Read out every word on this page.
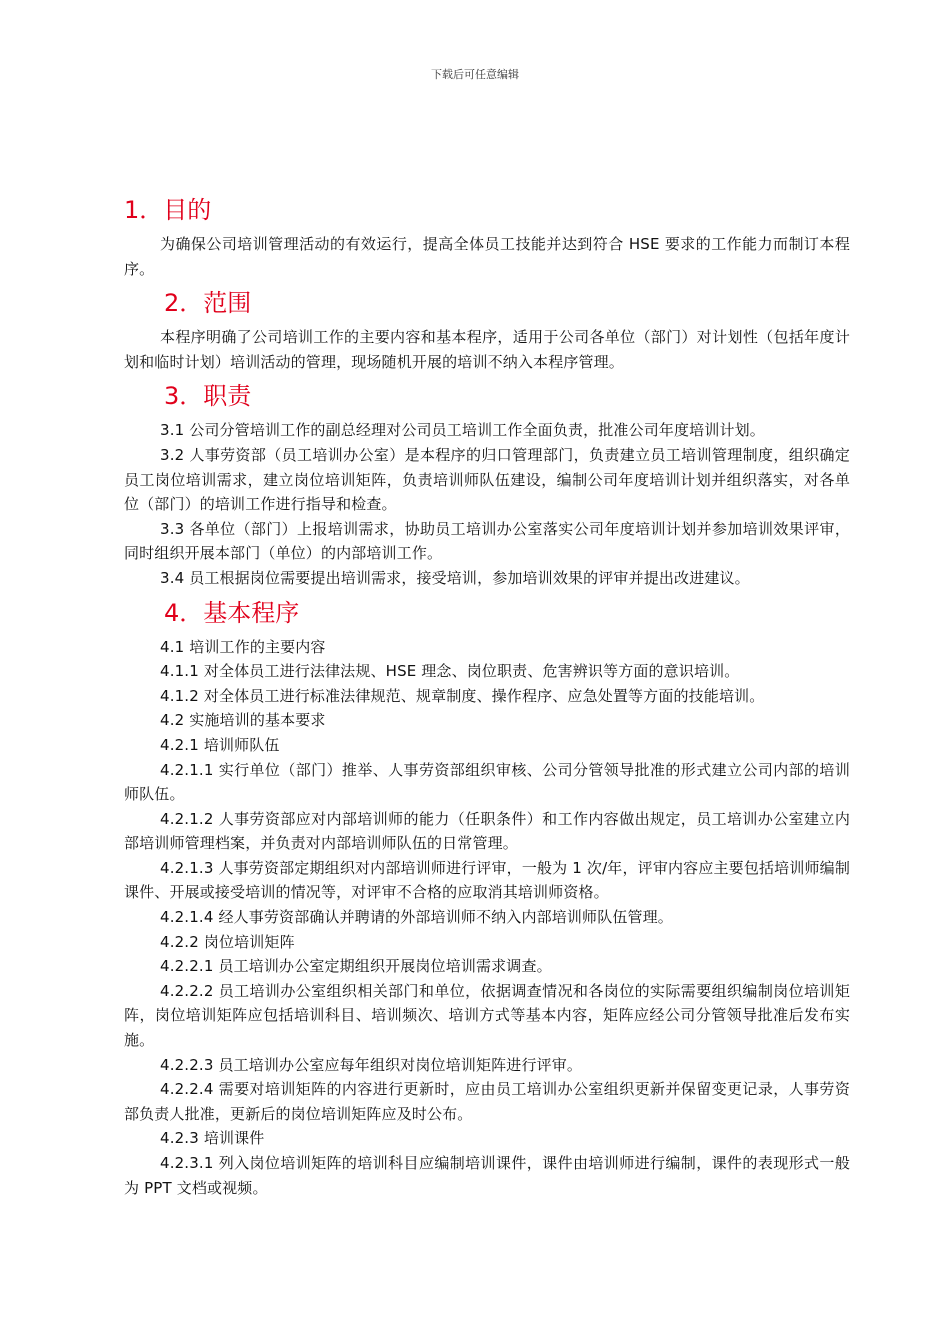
下载后可任意编辑
1．目的

为确保公司培训管理活动的有效运行，提高全体员工技能并达到符合 HSE 要求的工作能力而制订本程序。

2．范围

本程序明确了公司培训工作的主要内容和基本程序，适用于公司各单位（部门）对计划性（包括年度计划和临时计划）培训活动的管理，现场随机开展的培训不纳入本程序管理。

3．职责

3.1 公司分管培训工作的副总经理对公司员工培训工作全面负责，批准公司年度培训计划。

3.2 人事劳资部（员工培训办公室）是本程序的归口管理部门，负责建立员工培训管理制度，组织确定员工岗位培训需求，建立岗位培训矩阵，负责培训师队伍建设，编制公司年度培训计划并组织落实，对各单位（部门）的培训工作进行指导和检查。

3.3 各单位（部门）上报培训需求，协助员工培训办公室落实公司年度培训计划并参加培训效果评审，同时组织开展本部门（单位）的内部培训工作。

3.4 员工根据岗位需要提出培训需求，接受培训，参加培训效果的评审并提出改进建议。

4．基本程序

4.1 培训工作的主要内容

4.1.1 对全体员工进行法律法规、HSE 理念、岗位职责、危害辨识等方面的意识培训。

4.1.2 对全体员工进行标准法律规范、规章制度、操作程序、应急处置等方面的技能培训。

4.2 实施培训的基本要求

4.2.1 培训师队伍

4.2.1.1 实行单位（部门）推举、人事劳资部组织审核、公司分管领导批准的形式建立公司内部的培训师队伍。

4.2.1.2 人事劳资部应对内部培训师的能力（任职条件）和工作内容做出规定，员工培训办公室建立内部培训师管理档案，并负责对内部培训师队伍的日常管理。

4.2.1.3 人事劳资部定期组织对内部培训师进行评审，一般为 1 次/年，评审内容应主要包括培训师编制课件、开展或接受培训的情况等，对评审不合格的应取消其培训师资格。

4.2.1.4 经人事劳资部确认并聘请的外部培训师不纳入内部培训师队伍管理。

4.2.2 岗位培训矩阵

4.2.2.1 员工培训办公室定期组织开展岗位培训需求调查。

4.2.2.2 员工培训办公室组织相关部门和单位，依据调查情况和各岗位的实际需要组织编制岗位培训矩阵，岗位培训矩阵应包括培训科目、培训频次、培训方式等基本内容，矩阵应经公司分管领导批准后发布实施。

4.2.2.3 员工培训办公室应每年组织对岗位培训矩阵进行评审。

4.2.2.4 需要对培训矩阵的内容进行更新时，应由员工培训办公室组织更新并保留变更记录，人事劳资部负责人批准，更新后的岗位培训矩阵应及时公布。

4.2.3 培训课件

4.2.3.1 列入岗位培训矩阵的培训科目应编制培训课件，课件由培训师进行编制，课件的表现形式一般为 PPT 文档或视频。
